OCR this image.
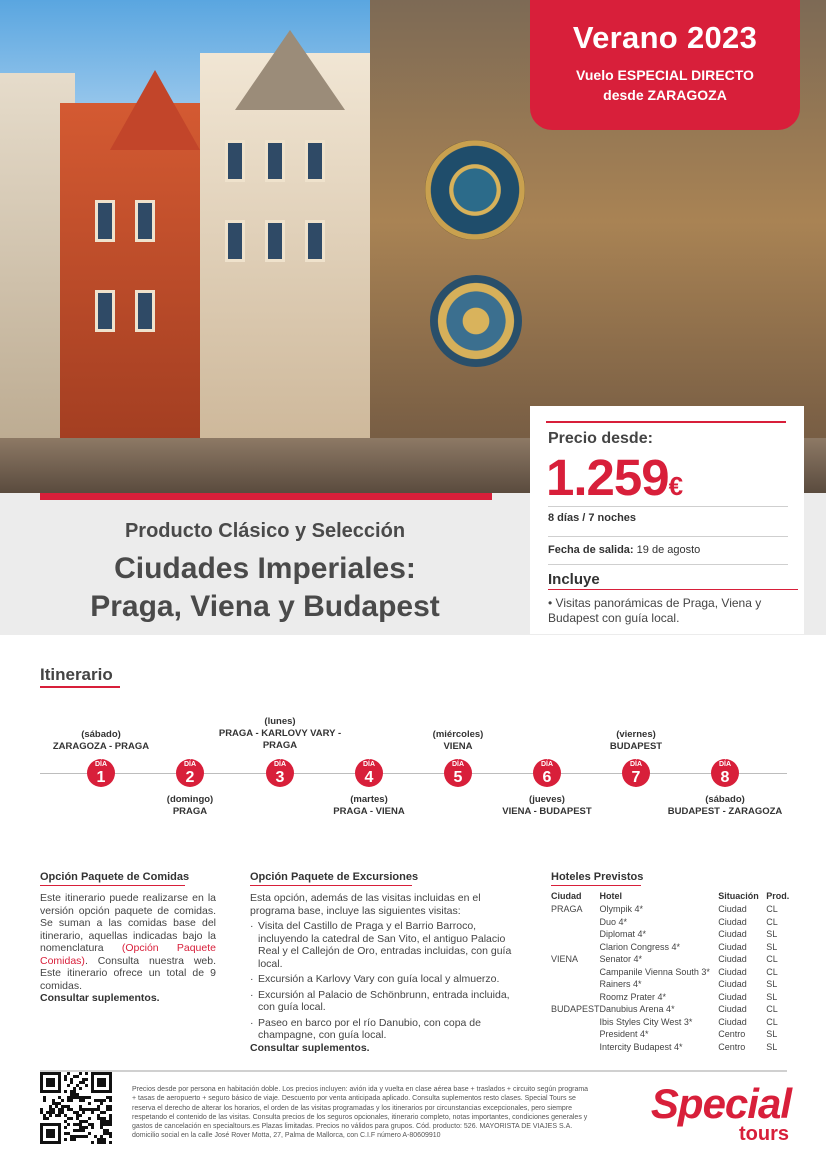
Verano 2023
Vuelo ESPECIAL DIRECTO
desde ZARAGOZA
Producto Clásico y Selección
Ciudades Imperiales:
Praga, Viena y Budapest
Precio desde:
1.259€
8 días / 7 noches
Fecha de salida: 19 de agosto
Incluye
• Visitas panorámicas de Praga, Viena y Budapest con guía local.
Itinerario
(sábado)
ZARAGOZA - PRAGA
DÍA
1
DÍA
2
(domingo)
PRAGA
(lunes)
PRAGA - KARLOVY VARY -
PRAGA
DÍA
3
DÍA
4
(martes)
PRAGA - VIENA
(miércoles)
VIENA
DÍA
5
DÍA
6
(jueves)
VIENA - BUDAPEST
(viernes)
BUDAPEST
DÍA
7
DÍA
8
(sábado)
BUDAPEST - ZARAGOZA
Opción Paquete de Comidas
Este itinerario puede realizarse en la versión opción paquete de comidas. Se suman a las comidas base del itinerario, aquellas indicadas bajo la nomenclatura (Opción Paquete Comidas). Consulta nuestra web. Este itinerario ofrece un total de 9 comidas.
Consultar suplementos.
Opción Paquete de Excursiones
Esta opción, además de las visitas incluidas en el programa base, incluye las siguientes visitas:
· Visita del Castillo de Praga y el Barrio Barroco, incluyendo la catedral de San Vito, el antiguo Palacio Real y el Callejón de Oro, entradas incluidas, con guía local.
· Excursión a Karlovy Vary con guía local y almuerzo.
· Excursión al Palacio de Schönbrunn, entrada incluida, con guía local.
· Paseo en barco por el río Danubio, con copa de champagne, con guía local.
Consultar suplementos.
Hoteles Previstos
Ciudad	Hotel	Situación	Prod.
PRAGA	Olympik 4*	Ciudad	CL
	Duo 4*	Ciudad	CL
	Diplomat 4*	Ciudad	SL
	Clarion Congress 4*	Ciudad	SL
VIENA	Senator 4*	Ciudad	CL
	Campanile Vienna South 3*	Ciudad	CL
	Rainers 4*	Ciudad	SL
	Roomz Prater 4*	Ciudad	SL
BUDAPEST	Danubius Arena 4*	Ciudad	CL
	Ibis Styles City West 3*	Ciudad	CL
	President 4*	Centro	SL
	Intercity Budapest 4*	Centro	SL
Precios desde por persona en habitación doble. Los precios incluyen: avión ida y vuelta en clase aérea base + traslados + circuito según programa + tasas de aeropuerto + seguro básico de viaje. Descuento por venta anticipada aplicado. Consulta suplementos resto clases. Special Tours se reserva el derecho de alterar los horarios, el orden de las visitas programadas y los itinerarios por circunstancias excepcionales, pero siempre respetando el contenido de las visitas. Consulta precios de los seguros opcionales, itinerario completo, notas importantes, condiciones generales y gastos de cancelación en specialtours.es Plazas limitadas. Precios no válidos para grupos. Cód. producto: 526. MAYORISTA DE VIAJES S.A. domicilio social en la calle José Rover Motta, 27, Palma de Mallorca, con C.I.F número A-80609910
Special
tours
